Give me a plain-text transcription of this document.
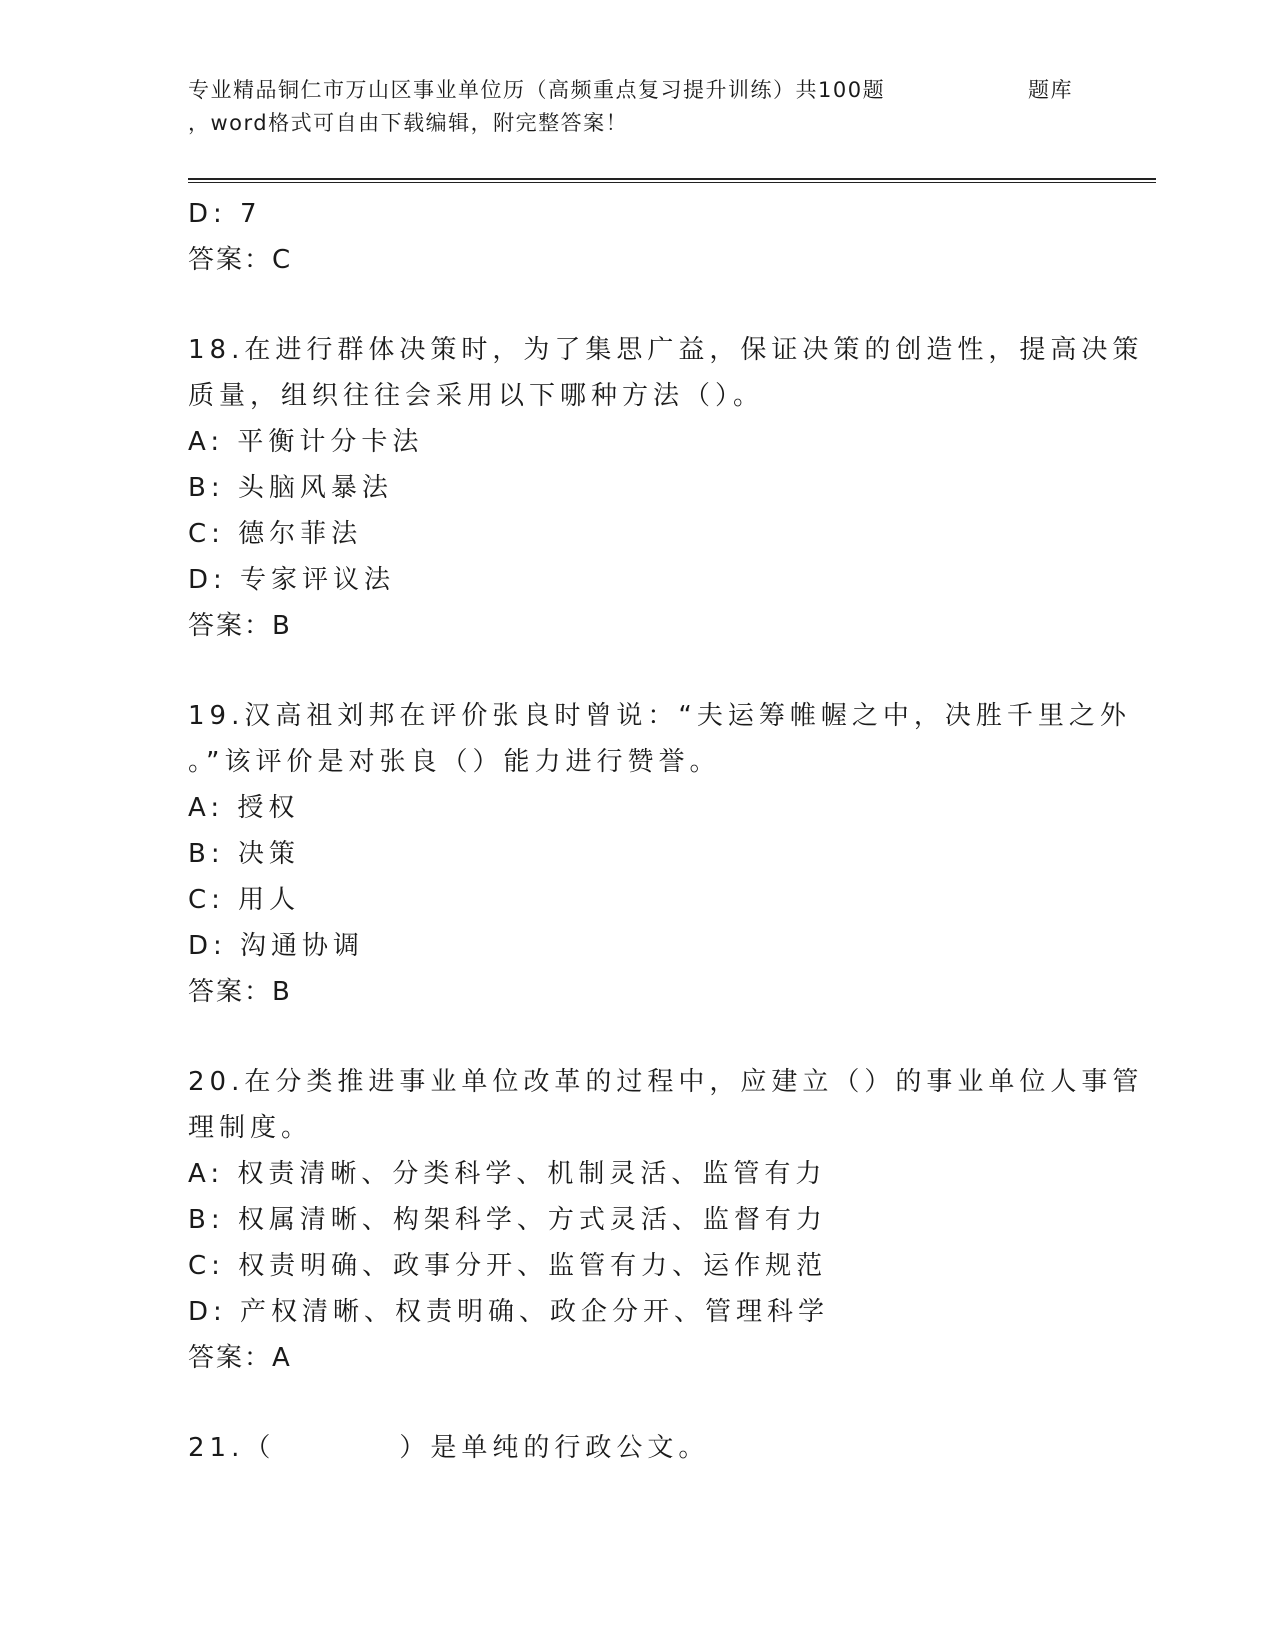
专业精品铜仁市万山区事业单位历（高频重点复习提升训练）共100题	题库
，word格式可自由下载编辑，附完整答案！
D: 7
答案：C
18.在进行群体决策时，为了集思广益，保证决策的创造性，提高决策
质量，组织往往会采用以下哪种方法（）。
A: 平衡计分卡法
B: 头脑风暴法
C: 德尔菲法
D: 专家评议法
答案：B
19.汉高祖刘邦在评价张良时曾说：“夫运筹帷幄之中，决胜千里之外
。”该评价是对张良（）能力进行赞誉。
A: 授权
B: 决策
C: 用人
D: 沟通协调
答案：B
20.在分类推进事业单位改革的过程中，应建立（）的事业单位人事管
理制度。
A: 权责清晰、分类科学、机制灵活、监管有力
B: 权属清晰、构架科学、方式灵活、监督有力
C: 权责明确、政事分开、监管有力、运作规范
D: 产权清晰、权责明确、政企分开、管理科学
答案：A
21.（　　　　）是单纯的行政公文。
